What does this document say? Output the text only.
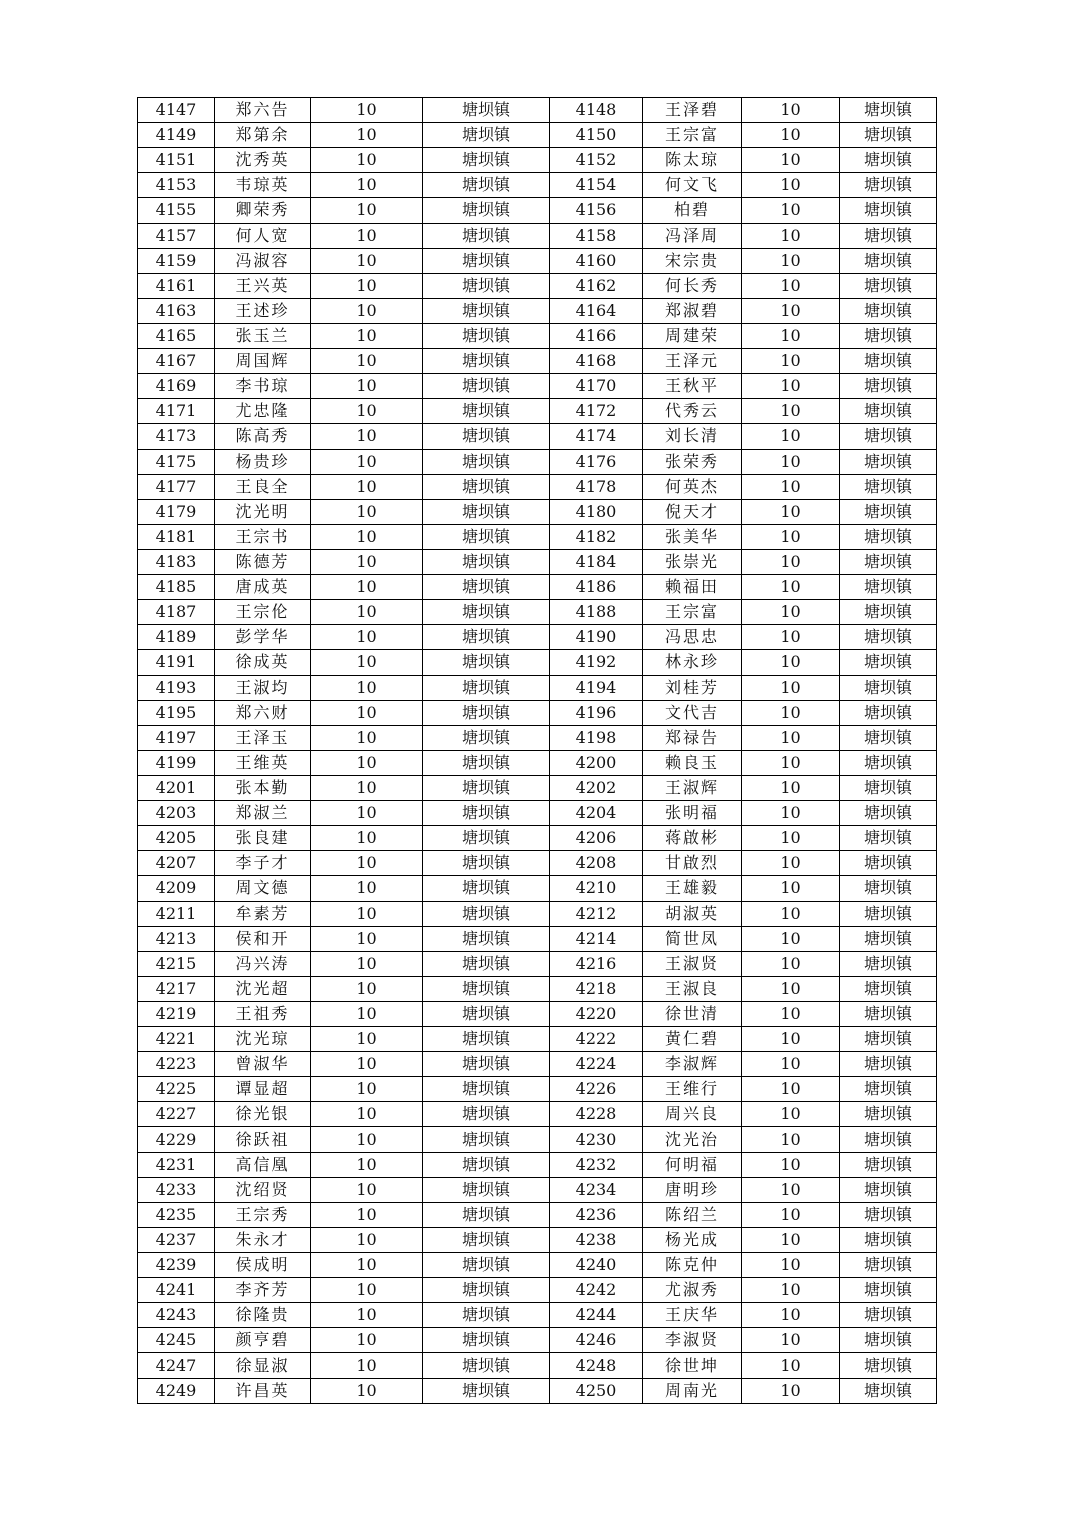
4147	郑六告	10	塘坝镇	4148	王泽碧	10	塘坝镇
4149	郑第余	10	塘坝镇	4150	王宗富	10	塘坝镇
4151	沈秀英	10	塘坝镇	4152	陈太琼	10	塘坝镇
4153	韦琼英	10	塘坝镇	4154	何文飞	10	塘坝镇
4155	卿荣秀	10	塘坝镇	4156	柏碧	10	塘坝镇
4157	何人宽	10	塘坝镇	4158	冯泽周	10	塘坝镇
4159	冯淑容	10	塘坝镇	4160	宋宗贵	10	塘坝镇
4161	王兴英	10	塘坝镇	4162	何长秀	10	塘坝镇
4163	王述珍	10	塘坝镇	4164	郑淑碧	10	塘坝镇
4165	张玉兰	10	塘坝镇	4166	周建荣	10	塘坝镇
4167	周国辉	10	塘坝镇	4168	王泽元	10	塘坝镇
4169	李书琼	10	塘坝镇	4170	王秋平	10	塘坝镇
4171	尤忠隆	10	塘坝镇	4172	代秀云	10	塘坝镇
4173	陈高秀	10	塘坝镇	4174	刘长清	10	塘坝镇
4175	杨贵珍	10	塘坝镇	4176	张荣秀	10	塘坝镇
4177	王良全	10	塘坝镇	4178	何英杰	10	塘坝镇
4179	沈光明	10	塘坝镇	4180	倪天才	10	塘坝镇
4181	王宗书	10	塘坝镇	4182	张美华	10	塘坝镇
4183	陈德芳	10	塘坝镇	4184	张崇光	10	塘坝镇
4185	唐成英	10	塘坝镇	4186	赖福田	10	塘坝镇
4187	王宗伦	10	塘坝镇	4188	王宗富	10	塘坝镇
4189	彭学华	10	塘坝镇	4190	冯思忠	10	塘坝镇
4191	徐成英	10	塘坝镇	4192	林永珍	10	塘坝镇
4193	王淑均	10	塘坝镇	4194	刘桂芳	10	塘坝镇
4195	郑六财	10	塘坝镇	4196	文代吉	10	塘坝镇
4197	王泽玉	10	塘坝镇	4198	郑禄告	10	塘坝镇
4199	王维英	10	塘坝镇	4200	赖良玉	10	塘坝镇
4201	张本勤	10	塘坝镇	4202	王淑辉	10	塘坝镇
4203	郑淑兰	10	塘坝镇	4204	张明福	10	塘坝镇
4205	张良建	10	塘坝镇	4206	蒋啟彬	10	塘坝镇
4207	李子才	10	塘坝镇	4208	甘啟烈	10	塘坝镇
4209	周文德	10	塘坝镇	4210	王雄毅	10	塘坝镇
4211	牟素芳	10	塘坝镇	4212	胡淑英	10	塘坝镇
4213	侯和开	10	塘坝镇	4214	简世凤	10	塘坝镇
4215	冯兴涛	10	塘坝镇	4216	王淑贤	10	塘坝镇
4217	沈光超	10	塘坝镇	4218	王淑良	10	塘坝镇
4219	王祖秀	10	塘坝镇	4220	徐世清	10	塘坝镇
4221	沈光琼	10	塘坝镇	4222	黄仁碧	10	塘坝镇
4223	曾淑华	10	塘坝镇	4224	李淑辉	10	塘坝镇
4225	谭显超	10	塘坝镇	4226	王维行	10	塘坝镇
4227	徐光银	10	塘坝镇	4228	周兴良	10	塘坝镇
4229	徐跃祖	10	塘坝镇	4230	沈光治	10	塘坝镇
4231	高信凰	10	塘坝镇	4232	何明福	10	塘坝镇
4233	沈绍贤	10	塘坝镇	4234	唐明珍	10	塘坝镇
4235	王宗秀	10	塘坝镇	4236	陈绍兰	10	塘坝镇
4237	朱永才	10	塘坝镇	4238	杨光成	10	塘坝镇
4239	侯成明	10	塘坝镇	4240	陈克仲	10	塘坝镇
4241	李齐芳	10	塘坝镇	4242	尤淑秀	10	塘坝镇
4243	徐隆贵	10	塘坝镇	4244	王庆华	10	塘坝镇
4245	颜亨碧	10	塘坝镇	4246	李淑贤	10	塘坝镇
4247	徐显淑	10	塘坝镇	4248	徐世坤	10	塘坝镇
4249	许昌英	10	塘坝镇	4250	周南光	10	塘坝镇
